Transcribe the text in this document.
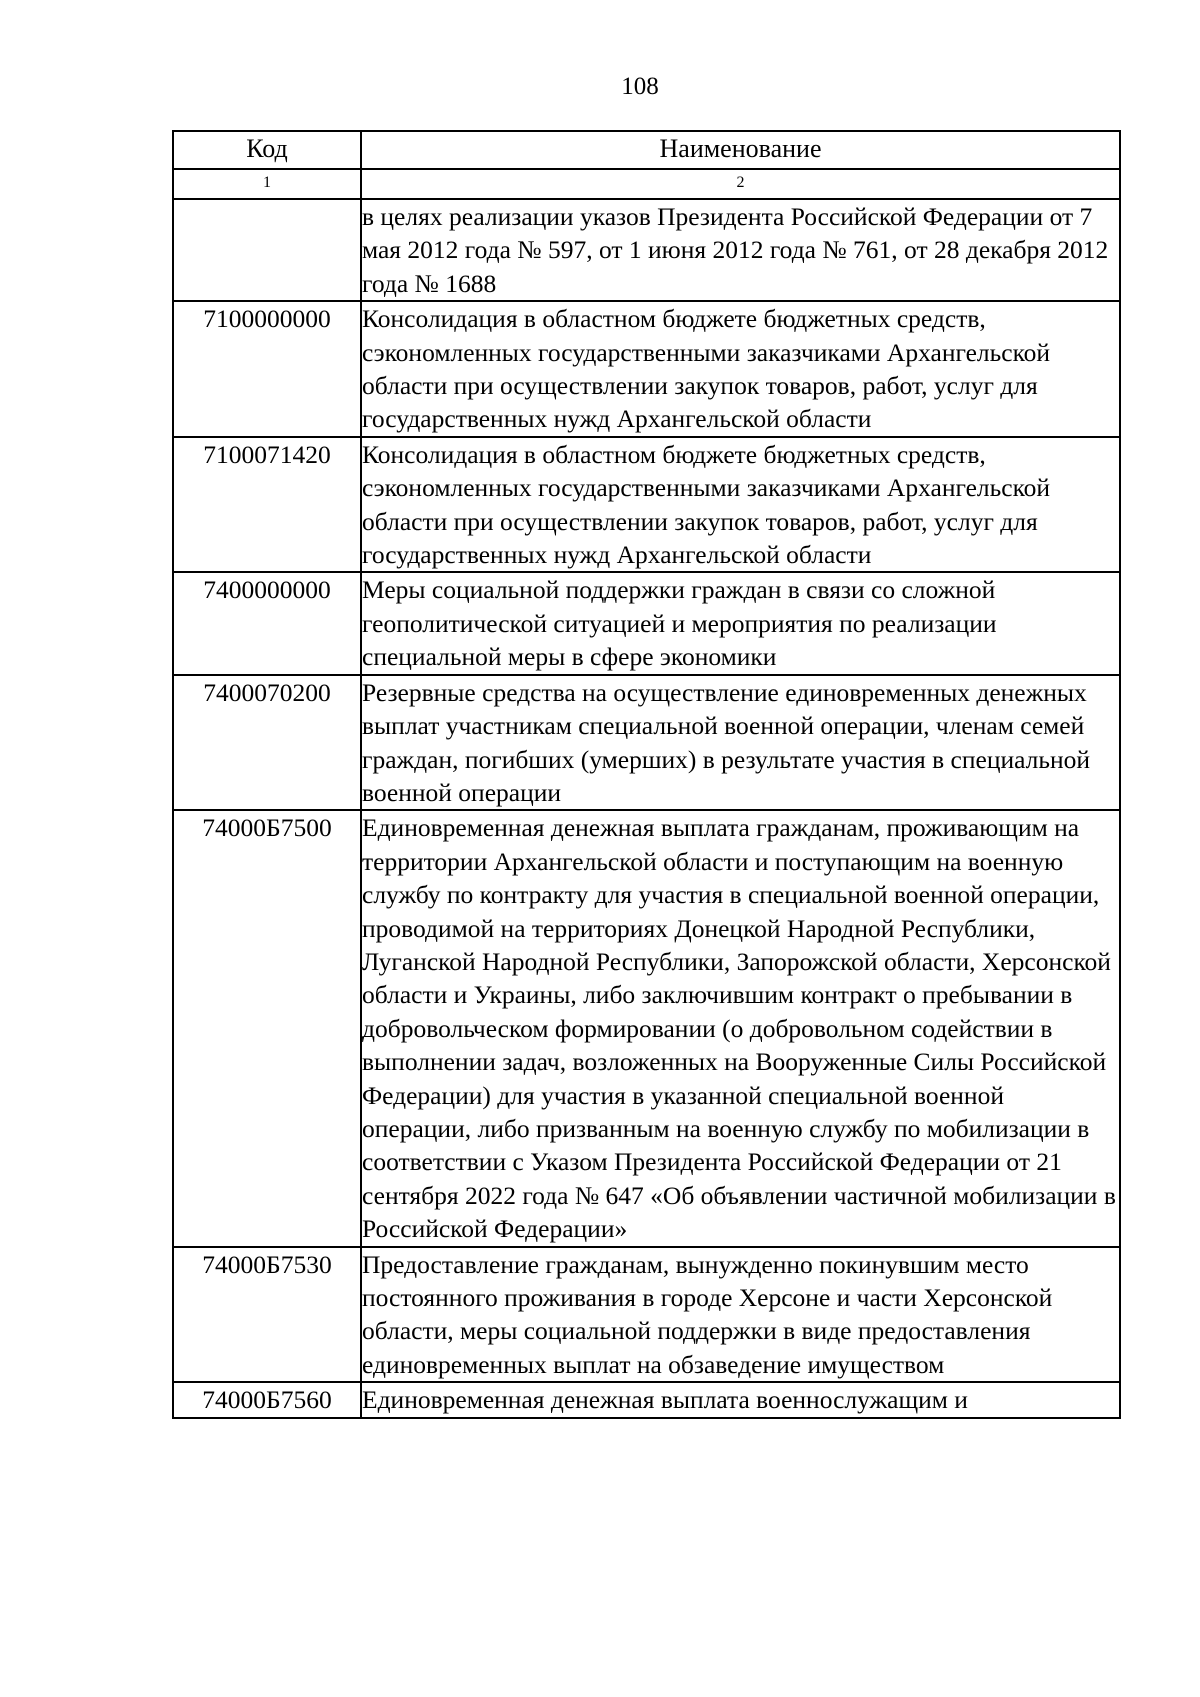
108
Код	Наименование
1	2
	в целях реализации указов Президента Российской Федерации от 7 мая 2012 года № 597, от 1 июня 2012 года № 761, от 28 декабря 2012 года № 1688
7100000000	Консолидация в областном бюджете бюджетных средств, сэкономленных государственными заказчиками Архангельской области при осуществлении закупок товаров, работ, услуг для государственных нужд Архангельской области
7100071420	Консолидация в областном бюджете бюджетных средств, сэкономленных государственными заказчиками Архангельской области при осуществлении закупок товаров, работ, услуг для государственных нужд Архангельской области
7400000000	Меры социальной поддержки граждан в связи со сложной геополитической ситуацией и мероприятия по реализации специальной меры в сфере экономики
7400070200	Резервные средства на осуществление единовременных денежных выплат участникам специальной военной операции, членам семей граждан, погибших (умерших) в результате участия в специальной военной операции
74000Б7500	Единовременная денежная выплата гражданам, проживающим на территории Архангельской области и поступающим на военную службу по контракту для участия в специальной военной операции, проводимой на территориях Донецкой Народной Республики, Луганской Народной Республики, Запорожской области, Херсонской области и Украины, либо заключившим контракт о пребывании в добровольческом формировании (о добровольном содействии в выполнении задач, возложенных на Вооруженные Силы Российской Федерации) для участия в указанной специальной военной операции, либо призванным на военную службу по мобилизации в соответствии с Указом Президента Российской Федерации от 21 сентября 2022 года № 647 «Об объявлении частичной мобилизации в Российской Федерации»
74000Б7530	Предоставление гражданам, вынужденно покинувшим место постоянного проживания в городе Херсоне и части Херсонской области, меры социальной поддержки в виде предоставления единовременных выплат на обзаведение имуществом
74000Б7560	Единовременная денежная выплата военнослужащим и
